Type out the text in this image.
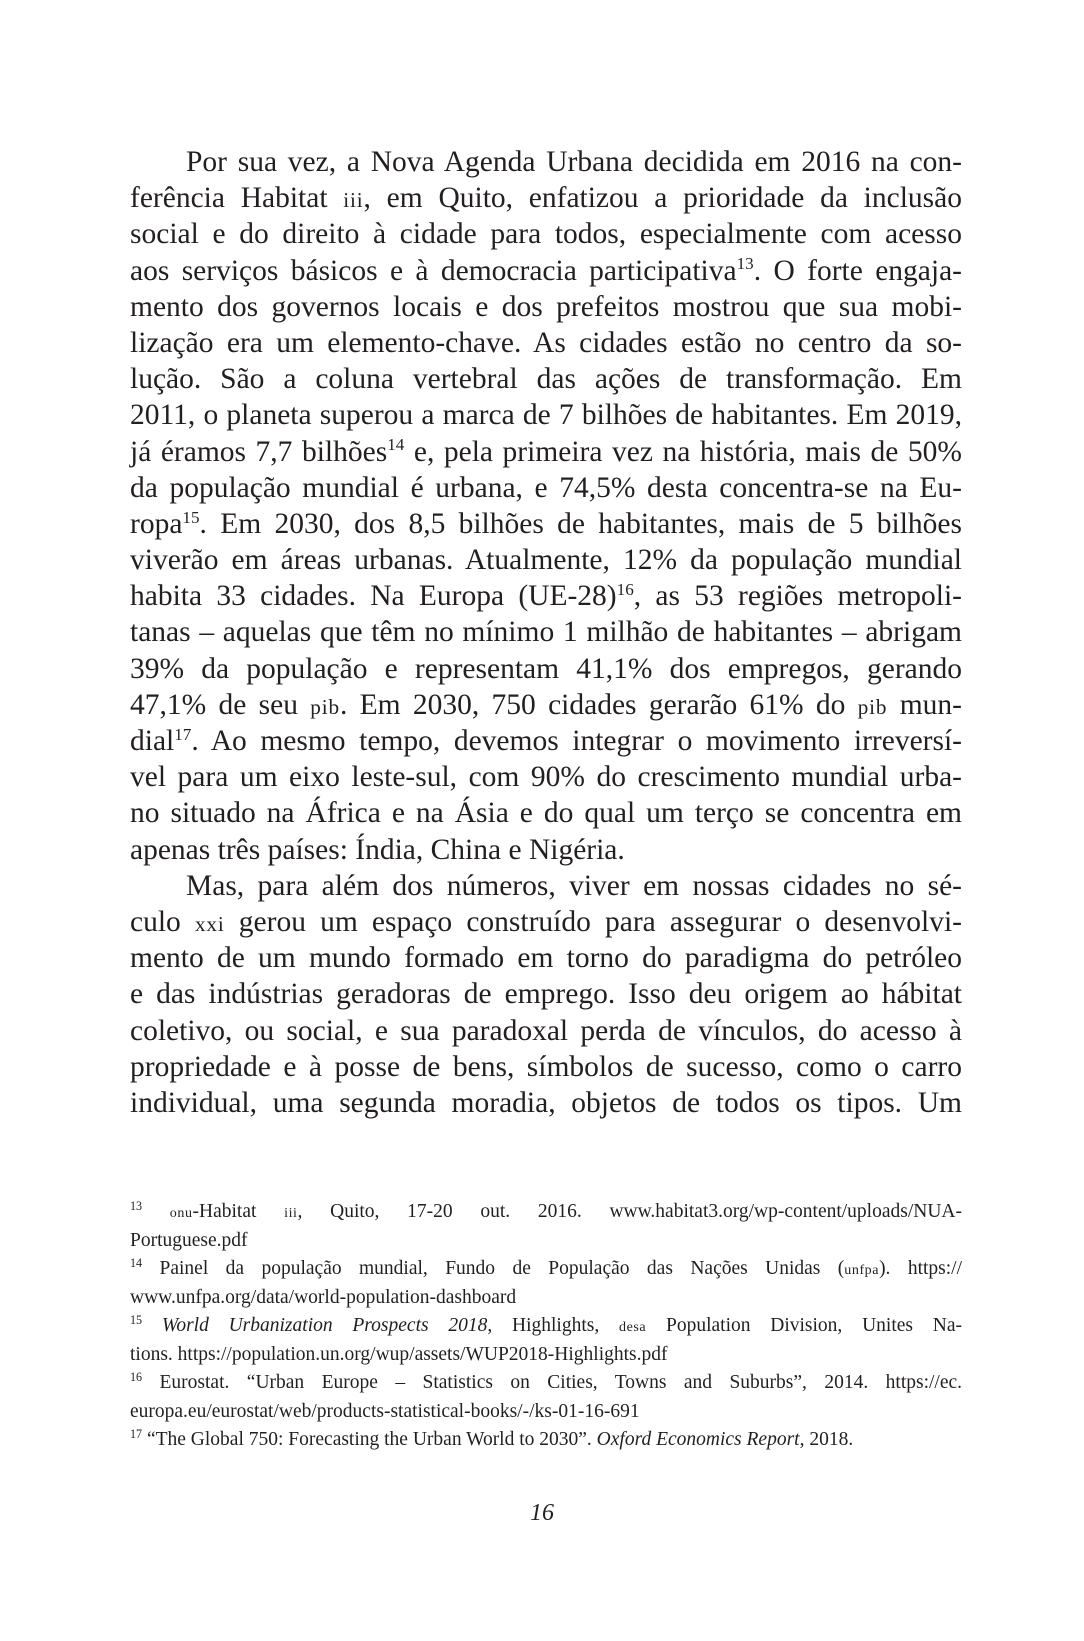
Por sua vez, a Nova Agenda Urbana decidida em 2016 na con-
ferência Habitat iii, em Quito, enfatizou a prioridade da inclusão
social e do direito à cidade para todos, especialmente com acesso
aos serviços básicos e à democracia participativa$^{13}$. O forte engaja-
mento dos governos locais e dos prefeitos mostrou que sua mobi-
lização era um elemento-chave. As cidades estão no centro da so-
lução. São a coluna vertebral das ações de transformação. Em
2011, o planeta superou a marca de 7 bilhões de habitantes. Em 2019,
já éramos 7,7 bilhões$^{14}$ e, pela primeira vez na história, mais de 50%
da população mundial é urbana, e 74,5% desta concentra-se na Eu-
ropa$^{15}$. Em 2030, dos 8,5 bilhões de habitantes, mais de 5 bilhões
viverão em áreas urbanas. Atualmente, 12% da população mundial
habita 33 cidades. Na Europa $(UE-28)^{16}$, as 53 regiões metropoli-
tanas – aquelas que têm no mínimo 1 milhão de habitantes – abrigam
39% da população e representam 41,1% dos empregos, gerando
47,1% de seu pib. Em 2030, 750 cidades gerarão 61% do pib mun-
dial$^{17}$. Ao mesmo tempo, devemos integrar o movimento irreversí-
vel para um eixo leste-sul, com 90% do crescimento mundial urba-
no situado na África e na Ásia e do qual um terço se concentra em
apenas três países: Índia, China e Nigéria.
Mas, para além dos números, viver em nossas cidades no sé-
culo xxi gerou um espaço construído para assegurar o desenvolvi-
mento de um mundo formado em torno do paradigma do petróleo
e das indústrias geradoras de emprego. Isso deu origem ao hábitat
coletivo, ou social, e sua paradoxal perda de vínculos, do acesso à
propriedade e à posse de bens, símbolos de sucesso, como o carro
individual, uma segunda moradia, objetos de todos os tipos. Um
$^{13}$ onu-Habitat iii, Quito, 17-20 out. 2016. www.habitat3.org/wp-content/uploads/NUA-
Portuguese.pdf
$^{14}$ Painel da população mundial, Fundo de População das Nações Unidas (unfpa). https://
www.unfpa.org/data/world-population-dashboard
$^{15}$ World Urbanization Prospects 2018, Highlights, desa Population Division, Unites Na-
tions. https://population.un.org/wup/assets/WUP2018-Highlights.pdf
$^{16}$ Eurostat. “Urban Europe – Statistics on Cities, Towns and Suburbs”, 2014. https://ec.
europa.eu/eurostat/web/products-statistical-books/-/ks-01-16-691
$^{17}$ “The Global 750: Forecasting the Urban World to 2030”. Oxford Economics Report, 2018.
16
